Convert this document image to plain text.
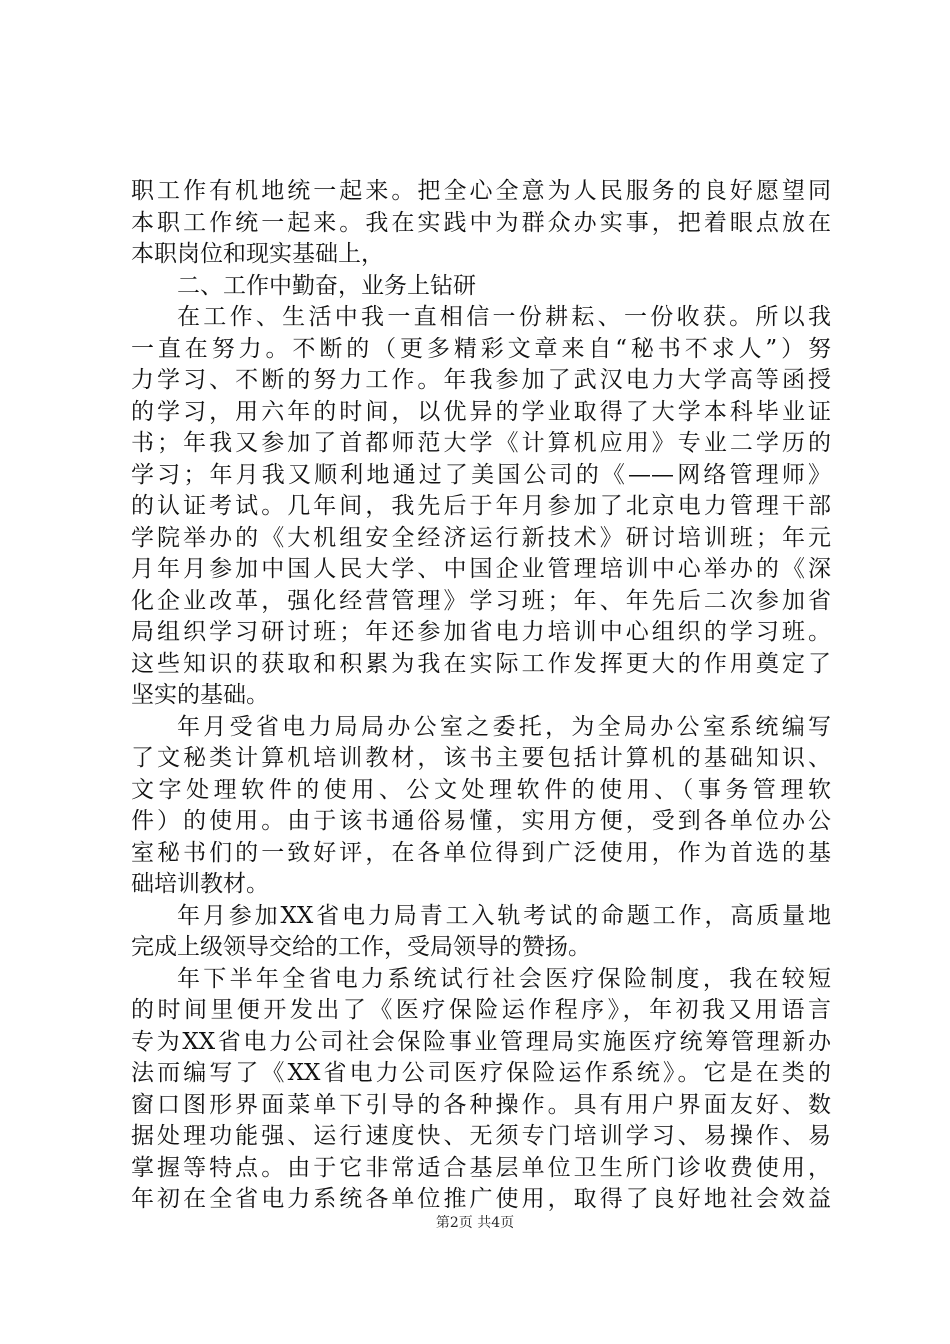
职工作有机地统一起来。把全心全意为人民服务的良好愿望同
本职工作统一起来。我在实践中为群众办实事，把着眼点放在
本职岗位和现实基础上，
二、工作中勤奋，业务上钻研
在工作、生活中我一直相信一份耕耘、一份收获。所以我
一直在努力。不断的（更多精彩文章来自“秘书不求人”）努
力学习、不断的努力工作。年我参加了武汉电力大学高等函授
的学习，用六年的时间，以优异的学业取得了大学本科毕业证
书；年我又参加了首都师范大学《计算机应用》专业二学历的
学习；年月我又顺利地通过了美国公司的《——网络管理师》
的认证考试。几年间，我先后于年月参加了北京电力管理干部
学院举办的《大机组安全经济运行新技术》研讨培训班；年元
月年月参加中国人民大学、中国企业管理培训中心举办的《深
化企业改革，强化经营管理》学习班；年、年先后二次参加省
局组织学习研讨班；年还参加省电力培训中心组织的学习班。
这些知识的获取和积累为我在实际工作发挥更大的作用奠定了
坚实的基础。
年月受省电力局局办公室之委托，为全局办公室系统编写
了文秘类计算机培训教材，该书主要包括计算机的基础知识、
文字处理软件的使用、公文处理软件的使用、（事务管理软
件）的使用。由于该书通俗易懂，实用方便，受到各单位办公
室秘书们的一致好评，在各单位得到广泛使用，作为首选的基
础培训教材。
年月参加XX省电力局青工入轨考试的命题工作，高质量地
完成上级领导交给的工作，受局领导的赞扬。
年下半年全省电力系统试行社会医疗保险制度，我在较短
的时间里便开发出了《医疗保险运作程序》，年初我又用语言
专为XX省电力公司社会保险事业管理局实施医疗统筹管理新办
法而编写了《XX省电力公司医疗保险运作系统》。它是在类的
窗口图形界面菜单下引导的各种操作。具有用户界面友好、数
据处理功能强、运行速度快、无须专门培训学习、易操作、易
掌握等特点。由于它非常适合基层单位卫生所门诊收费使用，
年初在全省电力系统各单位推广使用，取得了良好地社会效益
第2页 共4页
